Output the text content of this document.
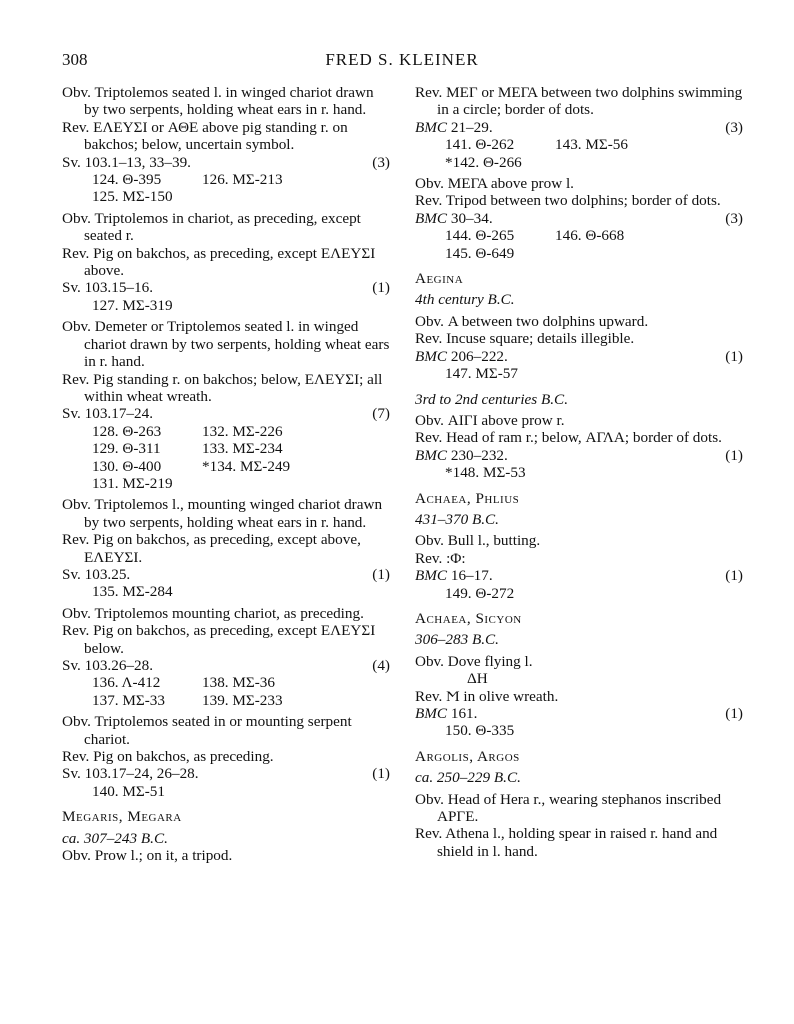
308	FRED S. KLEINER

Obv. Triptolemos seated l. in winged chariot drawn by two serpents, holding wheat ears in r. hand.

Rev. ΕΛΕΥΣΙ or ΑΘΕ above pig standing r. on bakchos; below, uncertain symbol.

Sv. 103.1–13, 33–39.	(3)

124. Θ-395	126. ΜΣ-213
125. ΜΣ-150

Obv. Triptolemos in chariot, as preceding, except seated r.

Rev. Pig on bakchos, as preceding, except ΕΛΕΥΣΙ above.

Sv. 103.15–16.	(1)

127. ΜΣ-319

Obv. Demeter or Triptolemos seated l. in winged chariot drawn by two serpents, holding wheat ears in r. hand.

Rev. Pig standing r. on bakchos; below, ΕΛΕΥΣΙ; all within wheat wreath.

Sv. 103.17–24.	(7)

128. Θ-263	132. ΜΣ-226
129. Θ-311	133. ΜΣ-234
130. Θ-400	*134. ΜΣ-249
131. ΜΣ-219

Obv. Triptolemos l., mounting winged chariot drawn by two serpents, holding wheat ears in r. hand.

Rev. Pig on bakchos, as preceding, except above, ΕΛΕΥΣΙ.

Sv. 103.25.	(1)

135. ΜΣ-284

Obv. Triptolemos mounting chariot, as preceding.

Rev. Pig on bakchos, as preceding, except ΕΛΕΥΣΙ below.

Sv. 103.26–28.	(4)

136. Λ-412	138. ΜΣ-36
137. ΜΣ-33	139. ΜΣ-233

Obv. Triptolemos seated in or mounting serpent chariot.

Rev. Pig on bakchos, as preceding.

Sv. 103.17–24, 26–28.	(1)

140. ΜΣ-51

Megaris, Megara

ca. 307–243 B.C.

Obv. Prow l.; on it, a tripod.

Rev. ΜΕΓ or ΜΕΓΑ between two dolphins swimming in a circle; border of dots.

BMC 21–29.	(3)

141. Θ-262	143. ΜΣ-56
*142. Θ-266

Obv. ΜΕΓΑ above prow l.

Rev. Tripod between two dolphins; border of dots.

BMC 30–34.	(3)

144. Θ-265	146. Θ-668
145. Θ-649

Aegina

4th century B.C.

Obv. Α between two dolphins upward.

Rev. Incuse square; details illegible.

BMC 206–222.	(1)

147. ΜΣ-57

3rd to 2nd centuries B.C.

Obv. ΑΙΓΙ above prow r.

Rev. Head of ram r.; below, ΑΓΛΑ; border of dots.

BMC 230–232.	(1)

*148. ΜΣ-53

Achaea, Phlius

431–370 B.C.

Obv. Bull l., butting.

Rev. :Φ:

BMC 16–17.	(1)

149. Θ-272

Achaea, Sicyon

306–283 B.C.

Obv. Dove flying l.

ΔΗ

Rev. Ϻ in olive wreath.

BMC 161.	(1)

150. Θ-335

Argolis, Argos

ca. 250–229 B.C.

Obv. Head of Hera r., wearing stephanos inscribed ΑΡΓΕ.

Rev. Athena l., holding spear in raised r. hand and shield in l. hand.
